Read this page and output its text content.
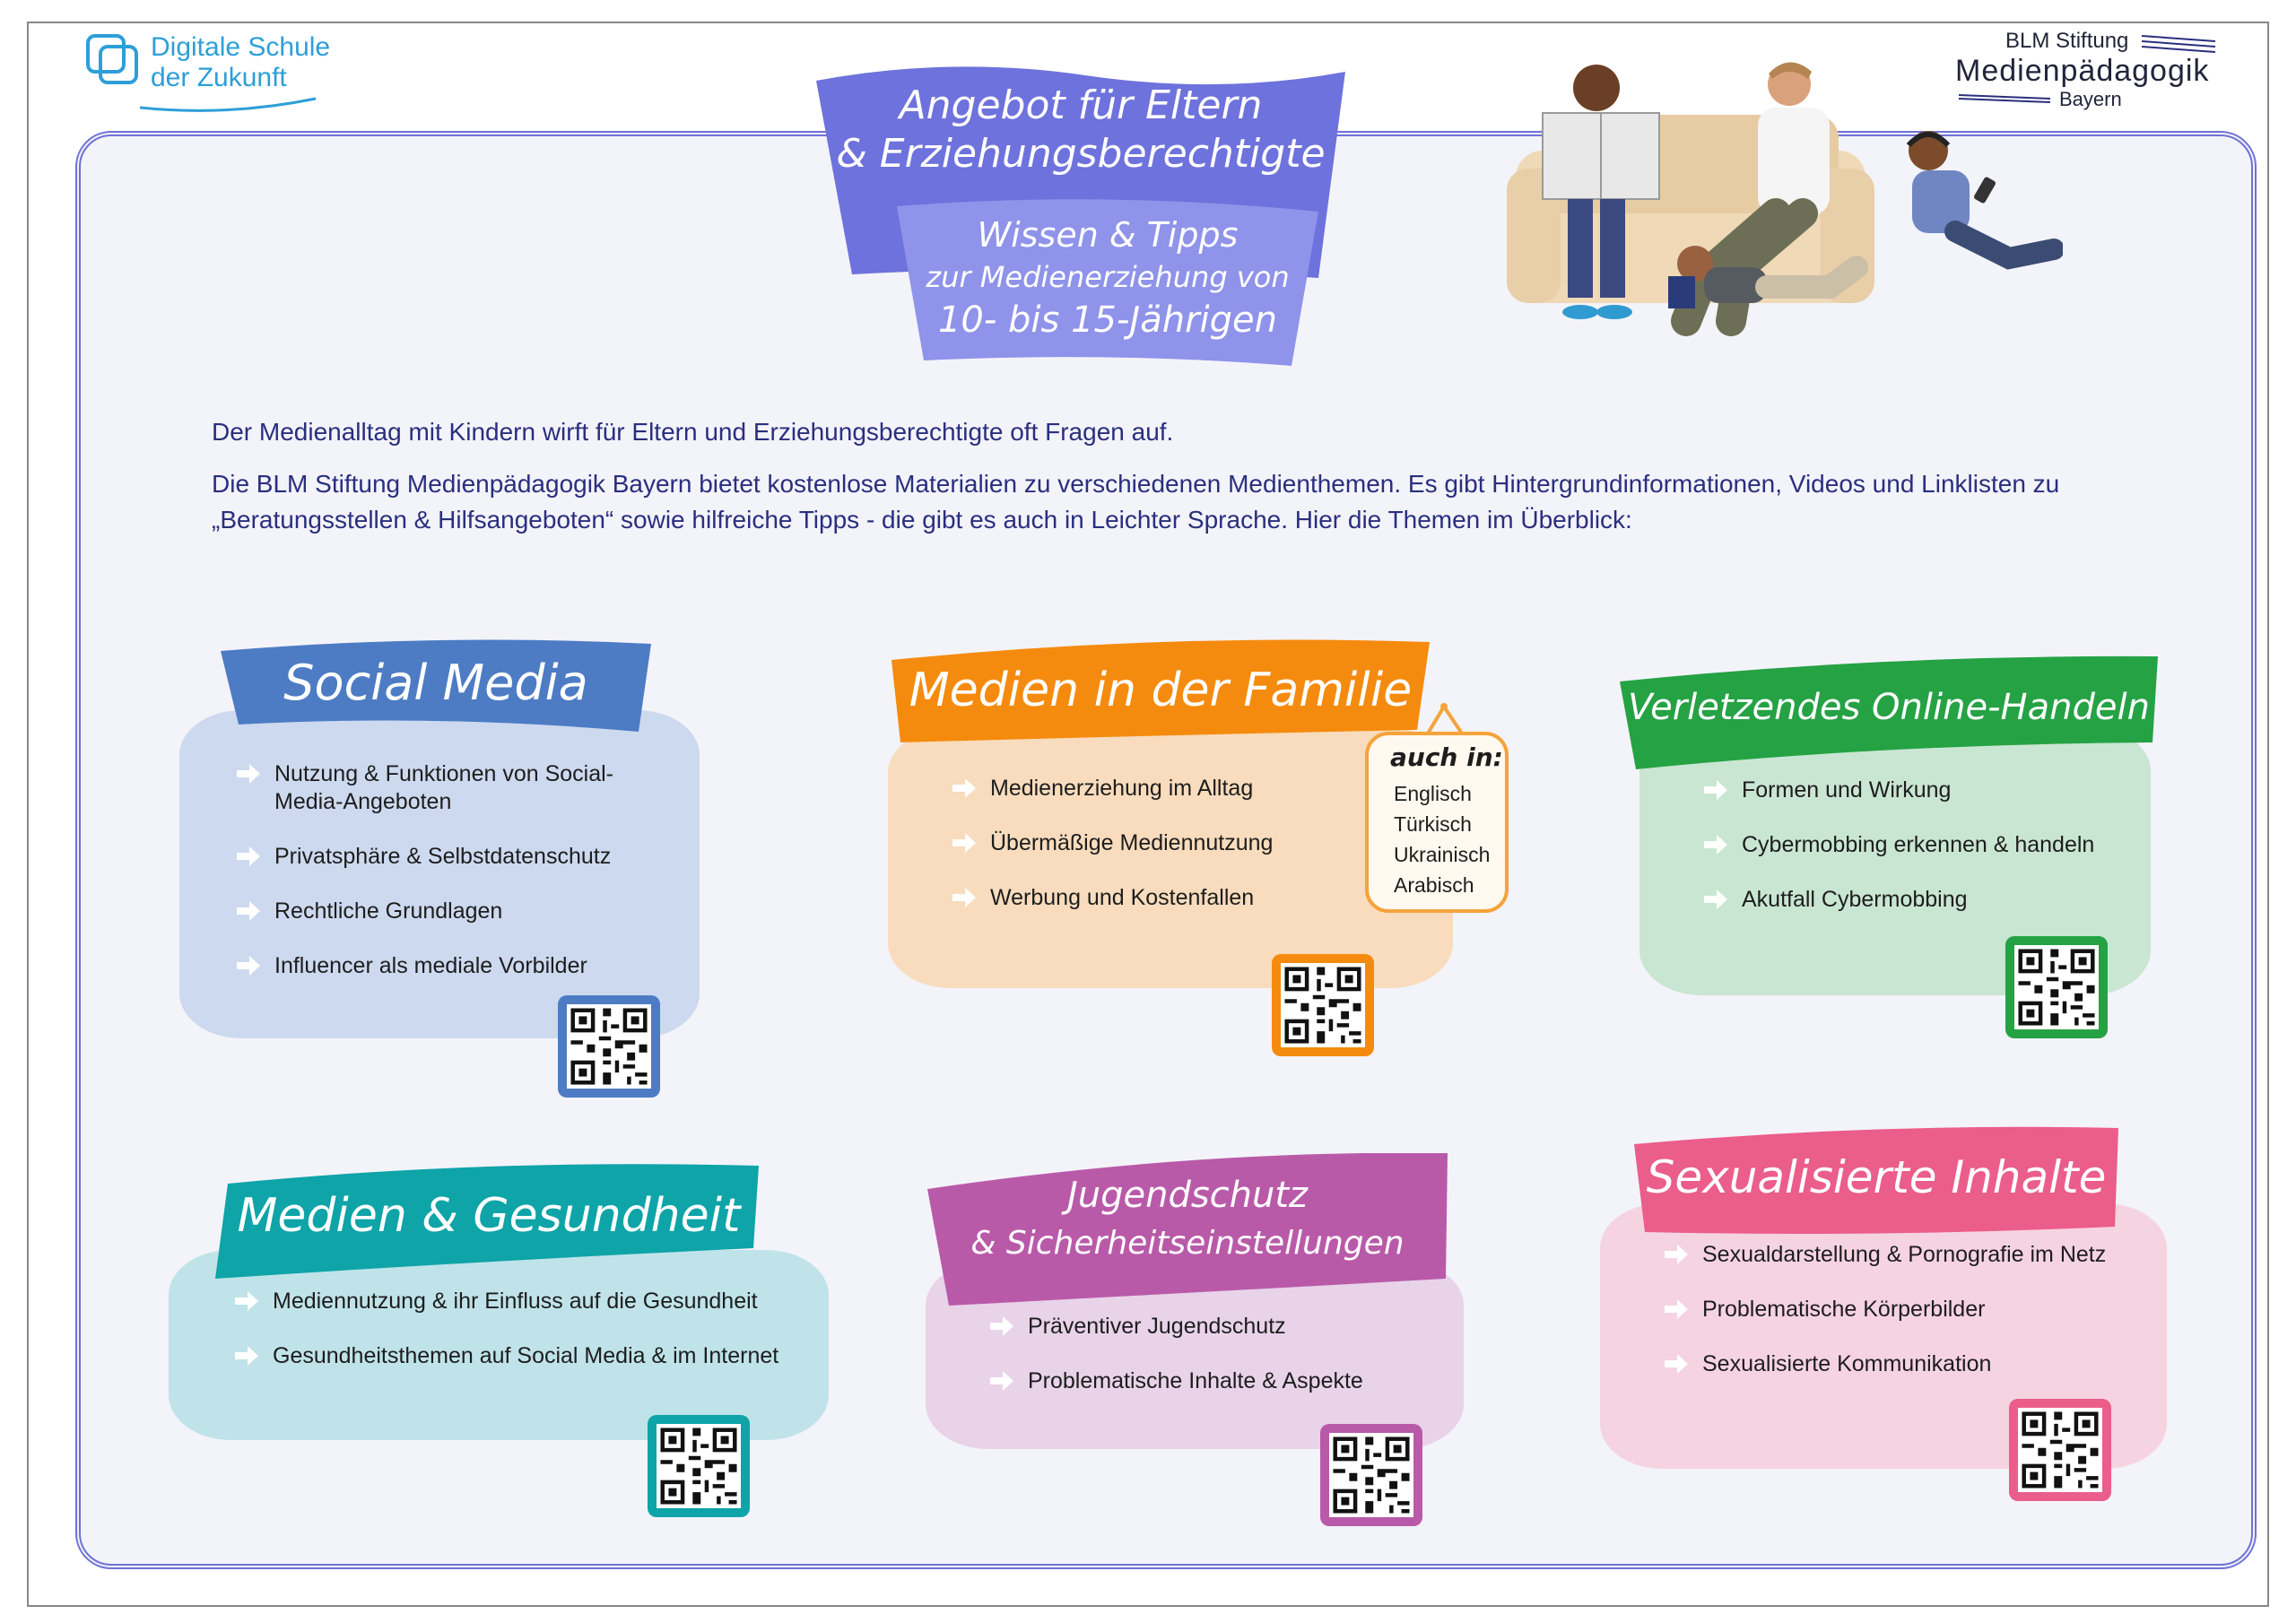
Digitale Schule
der Zukunft
BLM Stiftung
Medienpädagogik
Bayern
Angebot für Eltern
& Erziehungsberechtigte
Wissen & Tipps
zur Medienerziehung von
10- bis 15-Jährigen
Der Medienalltag mit Kindern wirft für Eltern und Erziehungsberechtigte oft Fragen auf.
Die BLM Stiftung Medienpädagogik Bayern bietet kostenlose Materialien zu verschiedenen Medienthemen. Es gibt Hintergrundinformationen, Videos und Linklisten zu „Beratungsstellen & Hilfsangeboten“ sowie hilfreiche Tipps - die gibt es auch in Leichter Sprache. Hier die Themen im Überblick:
Social Media
Nutzung & Funktionen von Social-Media-Angeboten
Privatsphäre & Selbstdatenschutz
Rechtliche Grundlagen
Influencer als mediale Vorbilder
Medien in der Familie
Medienerziehung im Alltag
Übermäßige Mediennutzung
Werbung und Kostenfallen
auch in:
Englisch
Türkisch
Ukrainisch
Arabisch
Verletzendes Online-Handeln
Formen und Wirkung
Cybermobbing erkennen & handeln
Akutfall Cybermobbing
Medien & Gesundheit
Mediennutzung & ihr Einfluss auf die Gesundheit
Gesundheitsthemen auf Social Media & im Internet
Jugendschutz
& Sicherheitseinstellungen
Präventiver Jugendschutz
Problematische Inhalte & Aspekte
Sexualisierte Inhalte
Sexualdarstellung & Pornografie im Netz
Problematische Körperbilder
Sexualisierte Kommunikation
